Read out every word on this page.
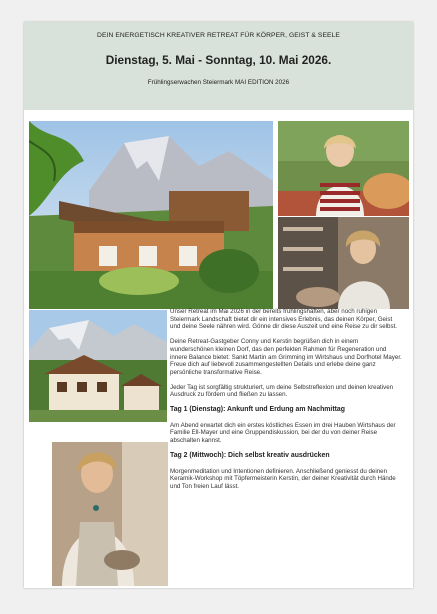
DEIN ENERGETISCH KREATIVER RETREAT FÜR KÖRPER, GEIST & SEELE
Dienstag, 5. Mai - Sonntag, 10. Mai 2026.
Frühlingserwachen Steiermark MAI EDITION 2026

Unser Retreat im Mai 2026 in der bereits frühlingshaften, aber noch ruhigen Steiermark Landschaft bietet dir ein intensives Erlebnis, das deinen Körper, Geist und deine Seele nähren wird. Gönne dir diese Auszeit und eine Reise zu dir selbst.

Deine Retreat-Gastgeber Conny und Kerstin begrüßen dich in einem wunderschönen kleinen Dorf, das den perfekten Rahmen für Regeneration und innere Balance bietet: Sankt Martin am Grimming im Wirtshaus und Dorfhotel Mayer. Freue dich auf liebevoll zusammengestellten Details und erlebe deine ganz persönliche transformative Reise.

Jeder Tag ist sorgfältig strukturiert, um deine Selbstreflexion und deinen kreativen Ausdruck zu fördern und fließen zu lassen.

Tag 1 (Dienstag): Ankunft und Erdung am Nachmittag

Am Abend erwartet dich ein erstes köstliches Essen im drei Hauben Wirtshaus der Familie Ell-Mayer und eine Gruppendiskussion, bei der du von deiner Reise abschalten kannst.

Tag 2 (Mittwoch): Dich selbst kreativ ausdrücken

Morgenmeditation und Intentionen definieren. Anschließend geniesst du deinen Keramik-Workshop mit Töpfermeisterin Kerstin, der deiner Kreativität durch Hände und Ton freien Lauf lässt.
